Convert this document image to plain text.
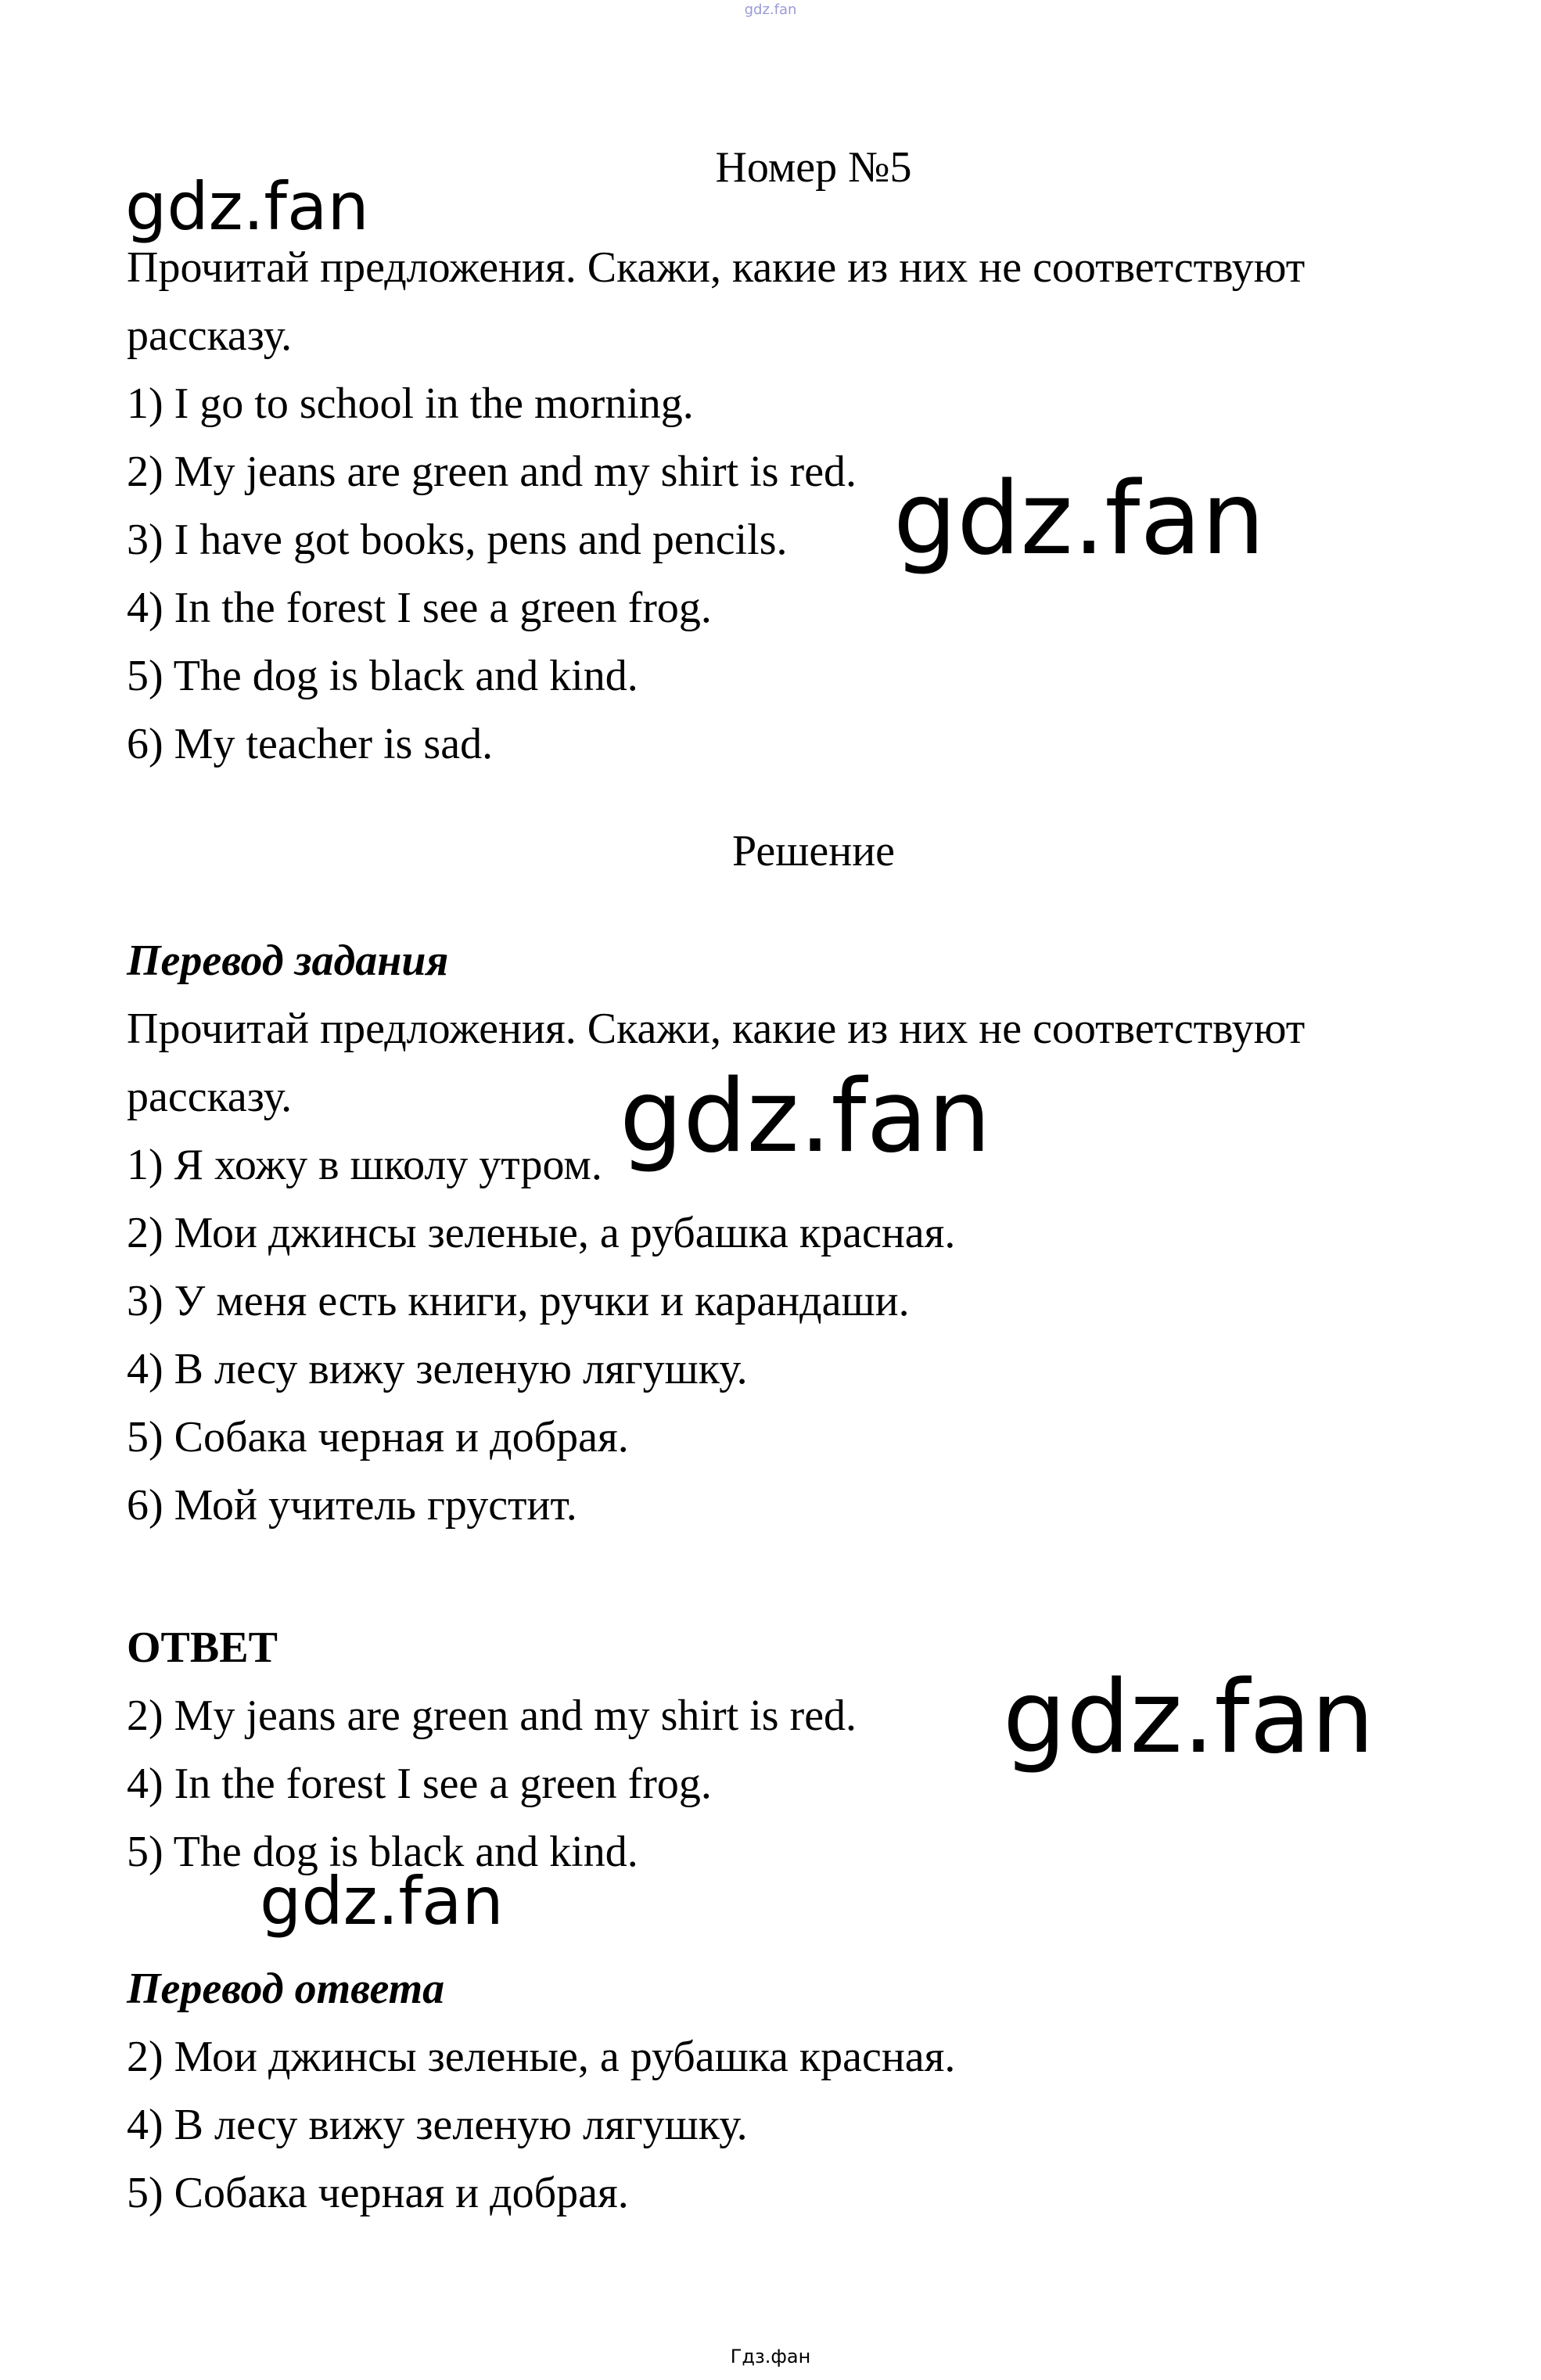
gdz.fan
Номер №5
gdz.fan
Прочитай предложения. Скажи, какие из них не соответствуют
рассказу.
1) I go to school in the morning.
2) My jeans are green and my shirt is red.
3) I have got books, pens and pencils.
4) In the forest I see a green frog.
5) The dog is black and kind.
6) My teacher is sad.
gdz.fan
Решение
Перевод задания
Прочитай предложения. Скажи, какие из них не соответствуют
рассказу.
1) Я хожу в школу утром.
2) Мои джинсы зеленые, а рубашка красная.
3) У меня есть книги, ручки и карандаши.
4) В лесу вижу зеленую лягушку.
5) Собака черная и добрая.
6) Мой учитель грустит.
gdz.fan
ОТВЕТ
2) My jeans are green and my shirt is red.
4) In the forest I see a green frog.
5) The dog is black and kind.
gdz.fan
gdz.fan
Перевод ответа
2) Мои джинсы зеленые, а рубашка красная.
4) В лесу вижу зеленую лягушку.
5) Собака черная и добрая.
Гдз.фан
